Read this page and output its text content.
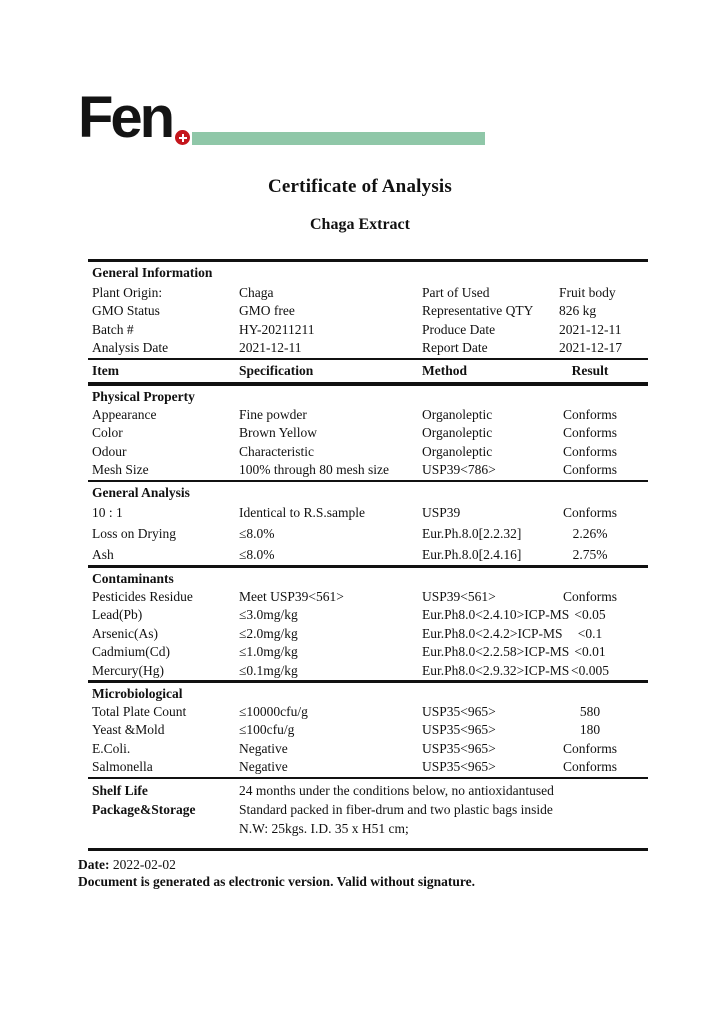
Fen
Certificate of Analysis
Chaga Extract
General Information
Plant Origin:	Chaga	Part of Used	Fruit body
GMO Status	GMO free	Representative QTY	826 kg
Batch #	HY-20211211	Produce Date	2021-12-11
Analysis Date	2021-12-11	Report Date	2021-12-17
Item	Specification	Method	Result
Physical Property
Appearance	Fine powder	Organoleptic	Conforms
Color	Brown Yellow	Organoleptic	Conforms
Odour	Characteristic	Organoleptic	Conforms
Mesh Size	100% through 80 mesh size	USP39<786>	Conforms
General Analysis
10 : 1	Identical to R.S.sample	USP39	Conforms
Loss on Drying	≤8.0%	Eur.Ph.8.0[2.2.32]	2.26%
Ash	≤8.0%	Eur.Ph.8.0[2.4.16]	2.75%
Contaminants
Pesticides Residue	Meet USP39<561>	USP39<561>	Conforms
Lead(Pb)	≤3.0mg/kg	Eur.Ph8.0<2.4.10>ICP-MS <0.05
Arsenic(As)	≤2.0mg/kg	Eur.Ph8.0<2.4.2>ICP-MS	<0.1
Cadmium(Cd)	≤1.0mg/kg	Eur.Ph8.0<2.2.58>ICP-MS <0.01
Mercury(Hg)	≤0.1mg/kg	Eur.Ph8.0<2.9.32>ICP-MS <0.005
Microbiological
Total Plate Count	≤10000cfu/g	USP35<965>	580
Yeast &Mold	≤100cfu/g	USP35<965>	180
E.Coli.	Negative	USP35<965>	Conforms
Salmonella	Negative	USP35<965>	Conforms
Shelf Life	24 months under the conditions below, no antioxidantused
Package&Storage	Standard packed in fiber-drum and two plastic bags inside
N.W: 25kgs. I.D. 35 x H51 cm;
Date: 2022-02-02
Document is generated as electronic version. Valid without signature.
